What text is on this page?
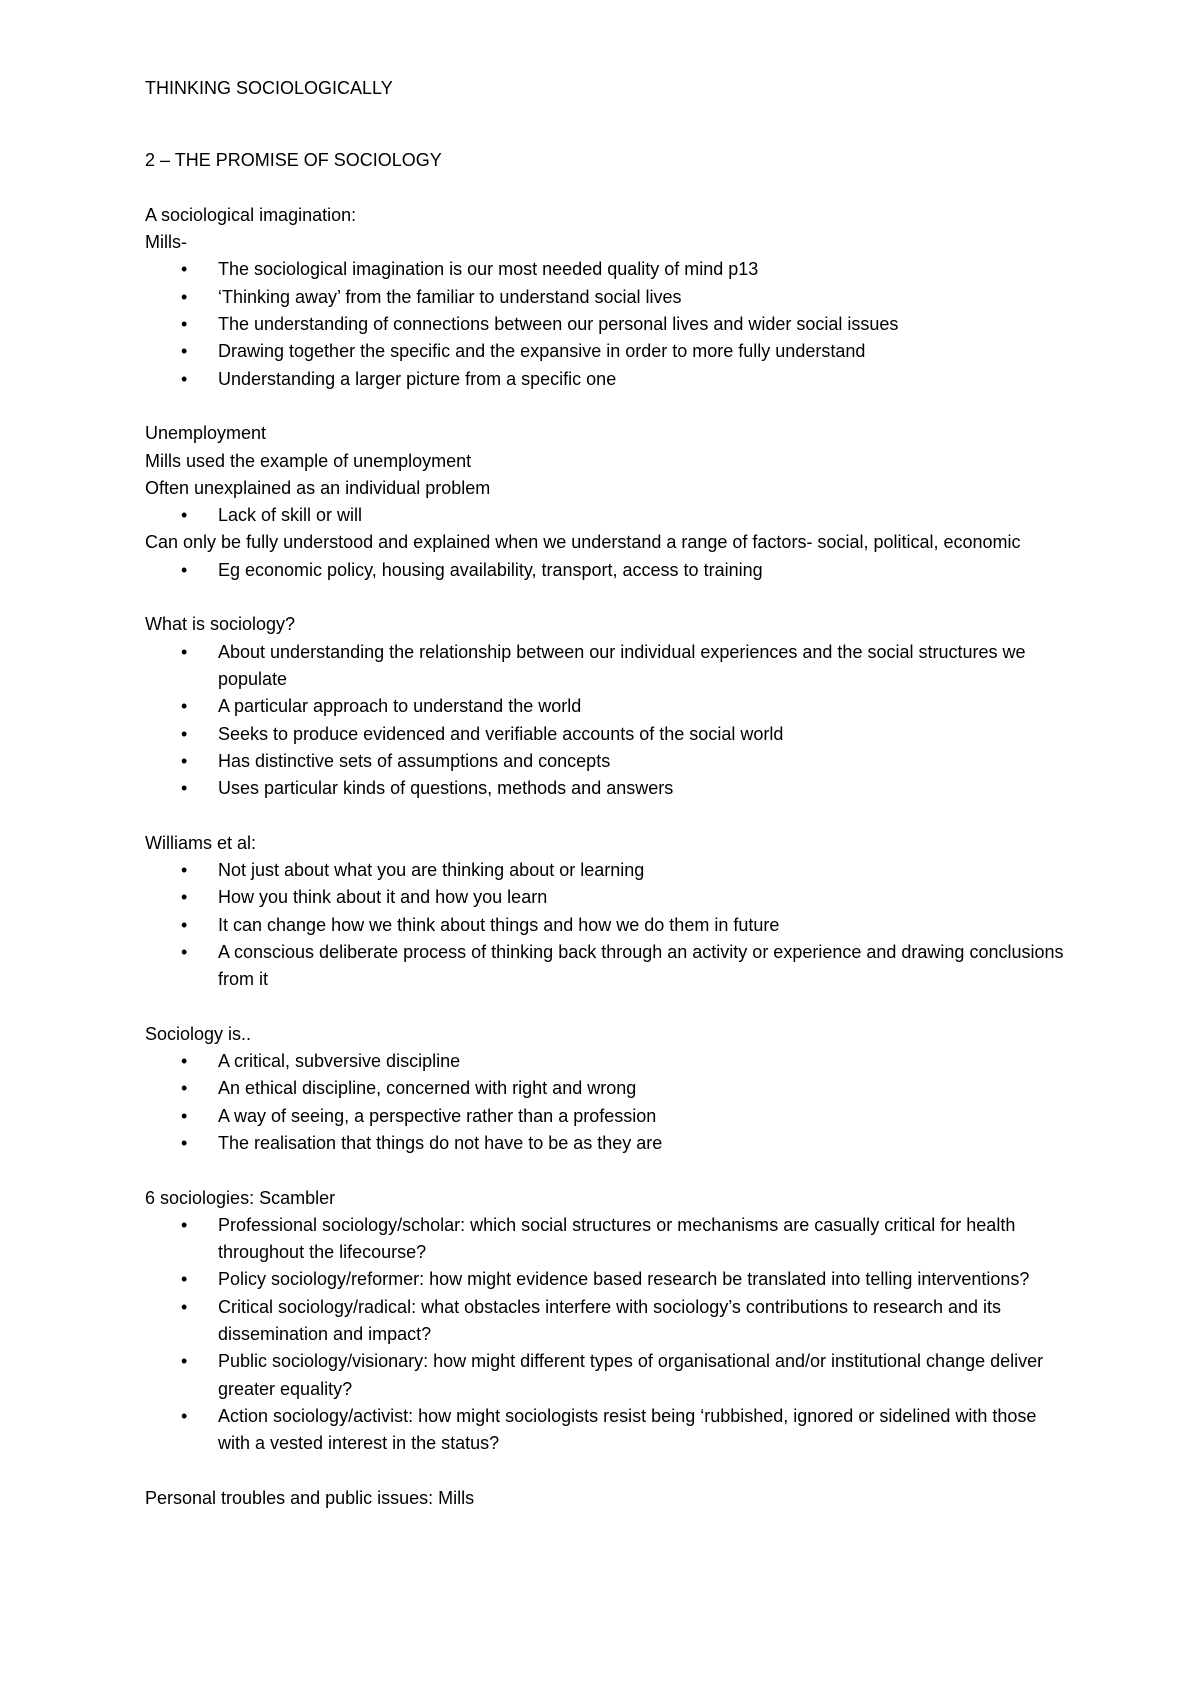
THINKING SOCIOLOGICALLY

2 – THE PROMISE OF SOCIOLOGY

A sociological imagination:

Mills-

• The sociological imagination is our most needed quality of mind p13
• ‘Thinking away’ from the familiar to understand social lives
• The understanding of connections between our personal lives and wider social issues
• Drawing together the specific and the expansive in order to more fully understand
• Understanding a larger picture from a specific one

Unemployment

Mills used the example of unemployment

Often unexplained as an individual problem

• Lack of skill or will

Can only be fully understood and explained when we understand a range of factors- social, political, economic

• Eg economic policy, housing availability, transport, access to training

What is sociology?

• About understanding the relationship between our individual experiences and the social structures we populate
• A particular approach to understand the world
• Seeks to produce evidenced and verifiable accounts of the social world
• Has distinctive sets of assumptions and concepts
• Uses particular kinds of questions, methods and answers

Williams et al:

• Not just about what you are thinking about or learning
• How you think about it and how you learn
• It can change how we think about things and how we do them in future
• A conscious deliberate process of thinking back through an activity or experience and drawing conclusions from it

Sociology is..

• A critical, subversive discipline
• An ethical discipline, concerned with right and wrong
• A way of seeing, a perspective rather than a profession
• The realisation that things do not have to be as they are

6 sociologies: Scambler

• Professional sociology/scholar: which social structures or mechanisms are casually critical for health throughout the lifecourse?
• Policy sociology/reformer: how might evidence based research be translated into telling interventions?
• Critical sociology/radical: what obstacles interfere with sociology’s contributions to research and its dissemination and impact?
• Public sociology/visionary: how might different types of organisational and/or institutional change deliver greater equality?
• Action sociology/activist: how might sociologists resist being ‘rubbished, ignored or sidelined with those with a vested interest in the status?

Personal troubles and public issues: Mills
